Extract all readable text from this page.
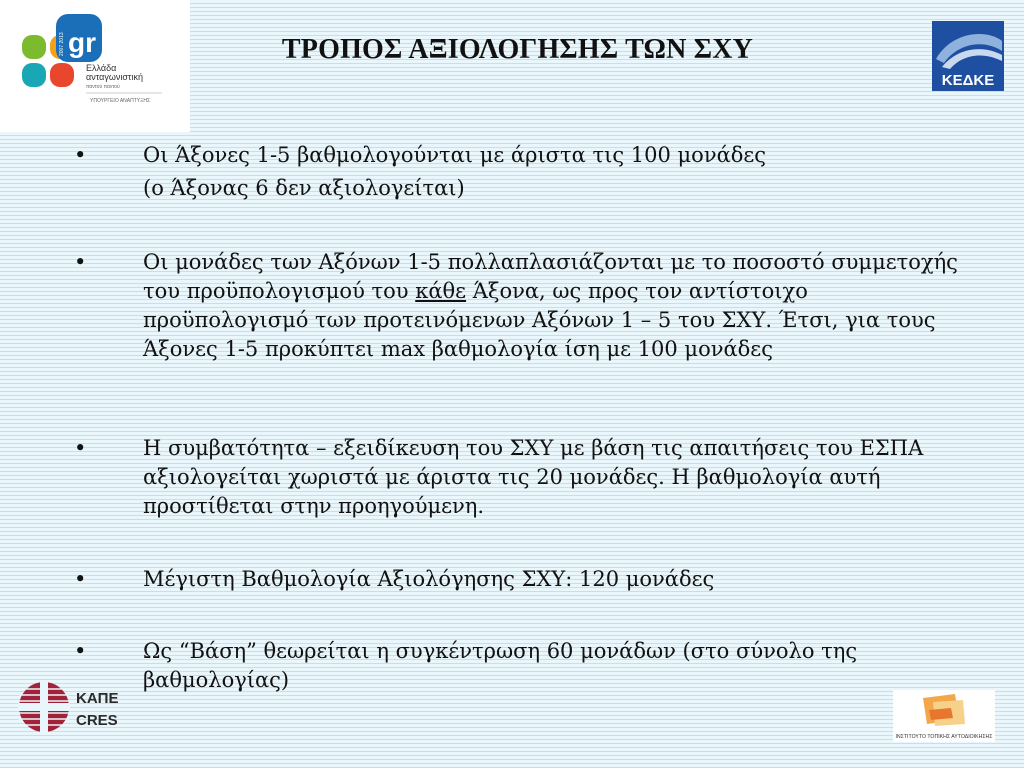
gr
2007 2013
Ελλάδα
ανταγωνιστική
παντού παντού
ΥΠΟΥΡΓΕΙΟ ΑΝΑΠΤΥΞΗΣ
ΤΡΟΠΟΣ ΑΞΙΟΛΟΓΗΣΗΣ ΤΩΝ ΣΧΥ
ΚΕΔΚΕ
•	Οι Άξονες 1-5 βαθμολογούνται με άριστα τις 100 μονάδες
(ο Άξονας 6 δεν αξιολογείται)
•	Οι μονάδες των Αξόνων 1-5 πολλαπλασιάζονται με το ποσοστό συμμετοχής του προϋπολογισμού του κάθε Άξονα, ως προς τον αντίστοιχο προϋπολογισμό των προτεινόμενων Αξόνων 1 – 5 του ΣΧΥ. Έτσι, για τους Άξονες 1-5 προκύπτει max βαθμολογία ίση με 100 μονάδες
•	Η συμβατότητα – εξειδίκευση του ΣΧΥ με βάση τις απαιτήσεις του ΕΣΠΑ αξιολογείται χωριστά με άριστα τις 20 μονάδες. Η βαθμολογία αυτή προστίθεται στην προηγούμενη.
•	Μέγιστη Βαθμολογία Αξιολόγησης ΣΧΥ: 120 μονάδες
•	Ως “Βάση” θεωρείται η συγκέντρωση 60 μονάδων (στο σύνολο της βαθμολογίας)
ΚΑΠΕ
CRES
ΙΝΣΤΙΤΟΥΤΟ ΤΟΠΙΚΗΣ ΑΥΤΟΔΙΟΙΚΗΣΗΣ
